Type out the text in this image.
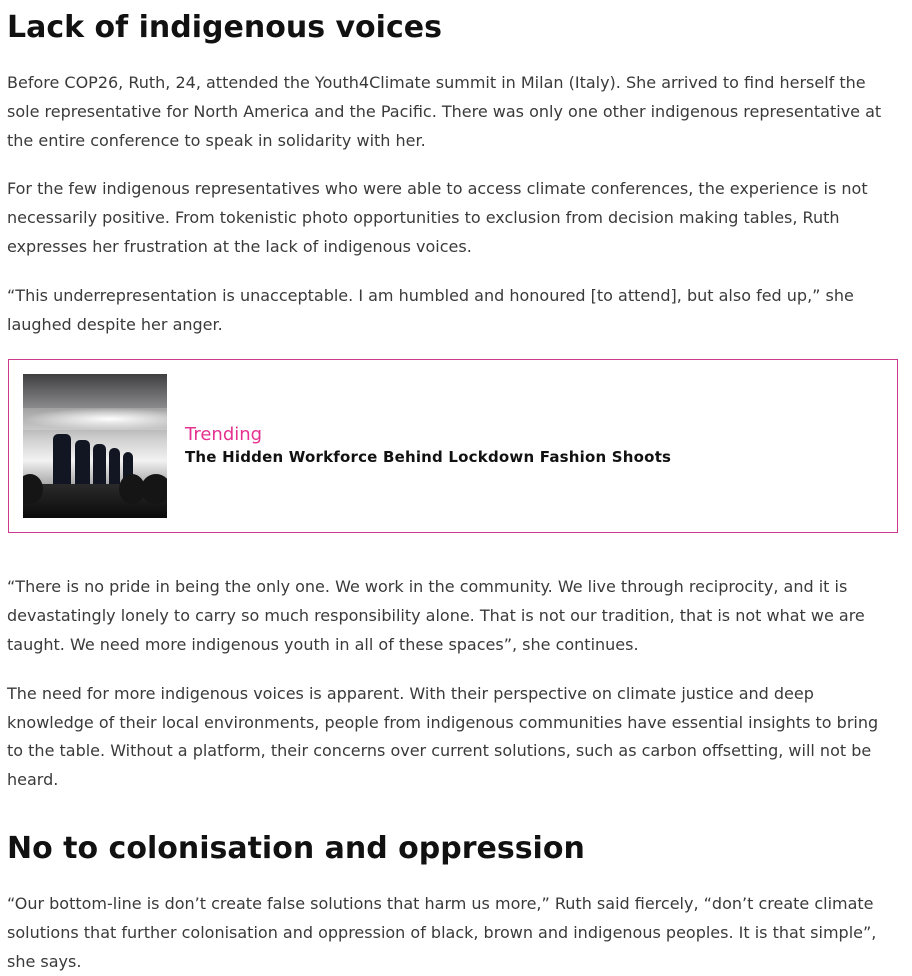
Lack of indigenous voices

Before COP26, Ruth, 24, attended the Youth4Climate summit in Milan (Italy). She arrived to find herself the sole representative for North America and the Pacific. There was only one other indigenous representative at the entire conference to speak in solidarity with her.

For the few indigenous representatives who were able to access climate conferences, the experience is not necessarily positive. From tokenistic photo opportunities to exclusion from decision making tables, Ruth expresses her frustration at the lack of indigenous voices.

“This underrepresentation is unacceptable. I am humbled and honoured [to attend], but also fed up,” she laughed despite her anger.

Trending
The Hidden Workforce Behind Lockdown Fashion Shoots

“There is no pride in being the only one. We work in the community. We live through reciprocity, and it is devastatingly lonely to carry so much responsibility alone. That is not our tradition, that is not what we are taught. We need more indigenous youth in all of these spaces”, she continues.

The need for more indigenous voices is apparent. With their perspective on climate justice and deep knowledge of their local environments, people from indigenous communities have essential insights to bring to the table. Without a platform, their concerns over current solutions, such as carbon offsetting, will not be heard.

No to colonisation and oppression

“Our bottom-line is don’t create false solutions that harm us more,” Ruth said fiercely, “don’t create climate solutions that further colonisation and oppression of black, brown and indigenous peoples. It is that simple”, she says.
